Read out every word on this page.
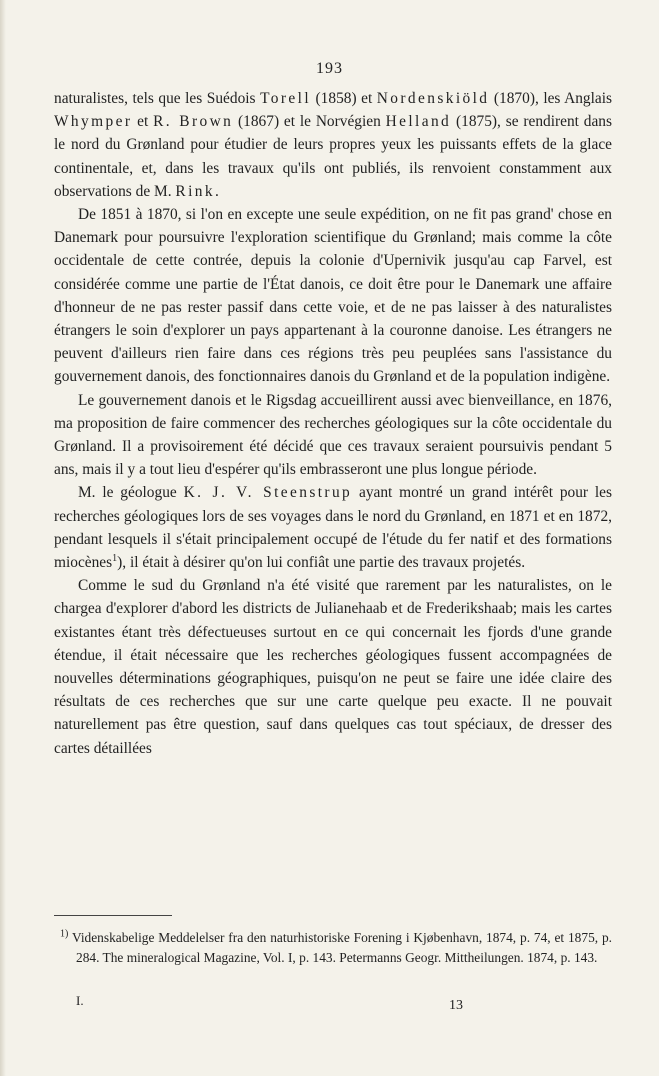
193

naturalistes, tels que les Suédois Torell (1858) et Nordenskiöld (1870), les Anglais Whymper et R. Brown (1867) et le Norvégien Helland (1875), se rendirent dans le nord du Grønland pour étudier de leurs propres yeux les puissants effets de la glace continentale, et, dans les travaux qu'ils ont publiés, ils renvoient constamment aux observations de M. Rink.

De 1851 à 1870, si l'on en excepte une seule expédition, on ne fit pas grand' chose en Danemark pour poursuivre l'exploration scientifique du Grønland; mais comme la côte occidentale de cette contrée, depuis la colonie d'Upernivik jusqu'au cap Farvel, est considérée comme une partie de l'État danois, ce doit être pour le Danemark une affaire d'honneur de ne pas rester passif dans cette voie, et de ne pas laisser à des naturalistes étrangers le soin d'explorer un pays appartenant à la couronne danoise. Les étrangers ne peuvent d'ailleurs rien faire dans ces régions très peu peuplées sans l'assistance du gouvernement danois, des fonctionnaires danois du Grønland et de la population indigène.

Le gouvernement danois et le Rigsdag accueillirent aussi avec bienveillance, en 1876, ma proposition de faire commencer des recherches géologiques sur la côte occidentale du Grønland. Il a provisoirement été décidé que ces travaux seraient poursuivis pendant 5 ans, mais il y a tout lieu d'espérer qu'ils embrasseront une plus longue période.

M. le géologue K. J. V. Steenstrup ayant montré un grand intérêt pour les recherches géologiques lors de ses voyages dans le nord du Grønland, en 1871 et en 1872, pendant lesquels il s'était principalement occupé de l'étude du fer natif et des formations miocènes$^1$), il était à désirer qu'on lui confiât une partie des travaux projetés.

Comme le sud du Grønland n'a été visité que rarement par les naturalistes, on le chargea d'explorer d'abord les districts de Julianehaab et de Frederikshaab; mais les cartes existantes étant très défectueuses surtout en ce qui concernait les fjords d'une grande étendue, il était nécessaire que les recherches géologiques fussent accompagnées de nouvelles déterminations géographiques, puisqu'on ne peut se faire une idée claire des résultats de ces recherches que sur une carte quelque peu exacte. Il ne pouvait naturellement pas être question, sauf dans quelques cas tout spéciaux, de dresser des cartes détaillées

$^{1)}$ Videnskabelige Meddelelser fra den naturhistoriske Forening i Kjøbenhavn, 1874, p. 74, et 1875, p. 284. The mineralogical Magazine, Vol. I, p. 143. Petermanns Geogr. Mittheilungen. 1874, p. 143.
I.	13
